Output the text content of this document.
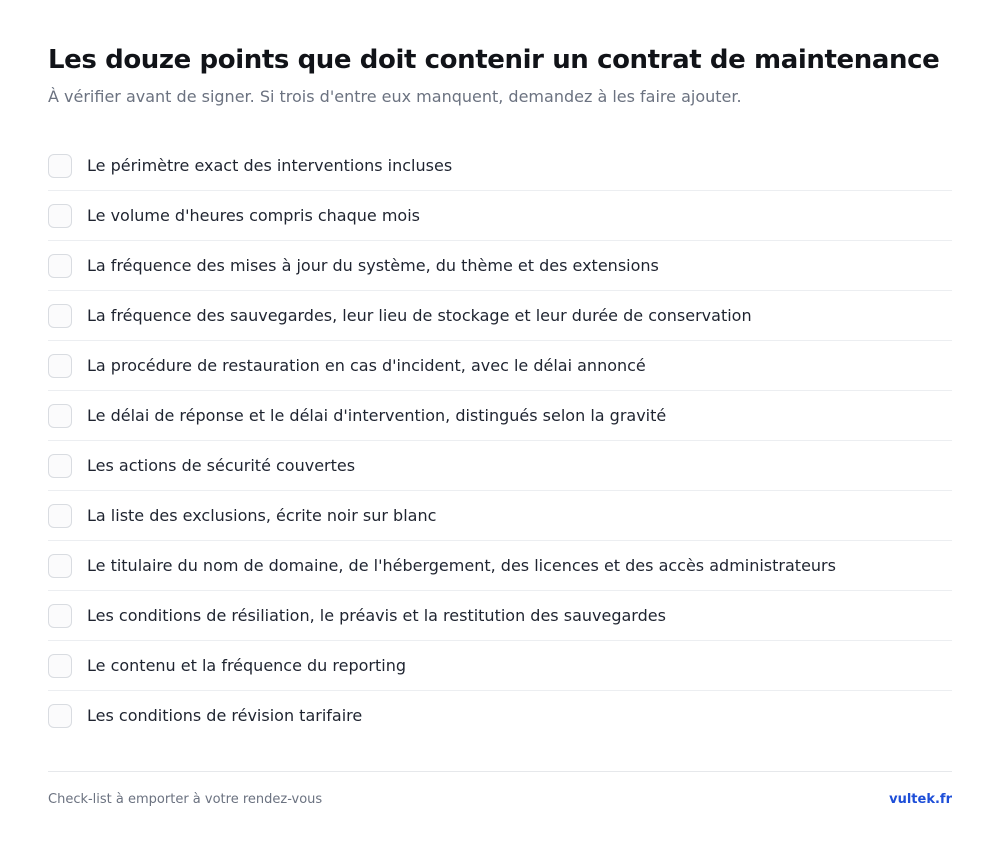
Les douze points que doit contenir un contrat de maintenance

À vérifier avant de signer. Si trois d'entre eux manquent, demandez à les faire ajouter.

Le périmètre exact des interventions incluses
Le volume d'heures compris chaque mois
La fréquence des mises à jour du système, du thème et des extensions
La fréquence des sauvegardes, leur lieu de stockage et leur durée de conservation
La procédure de restauration en cas d'incident, avec le délai annoncé
Le délai de réponse et le délai d'intervention, distingués selon la gravité
Les actions de sécurité couvertes
La liste des exclusions, écrite noir sur blanc
Le titulaire du nom de domaine, de l'hébergement, des licences et des accès administrateurs
Les conditions de résiliation, le préavis et la restitution des sauvegardes
Le contenu et la fréquence du reporting
Les conditions de révision tarifaire
Check-list à emporter à votre rendez-vous	vultek.fr
